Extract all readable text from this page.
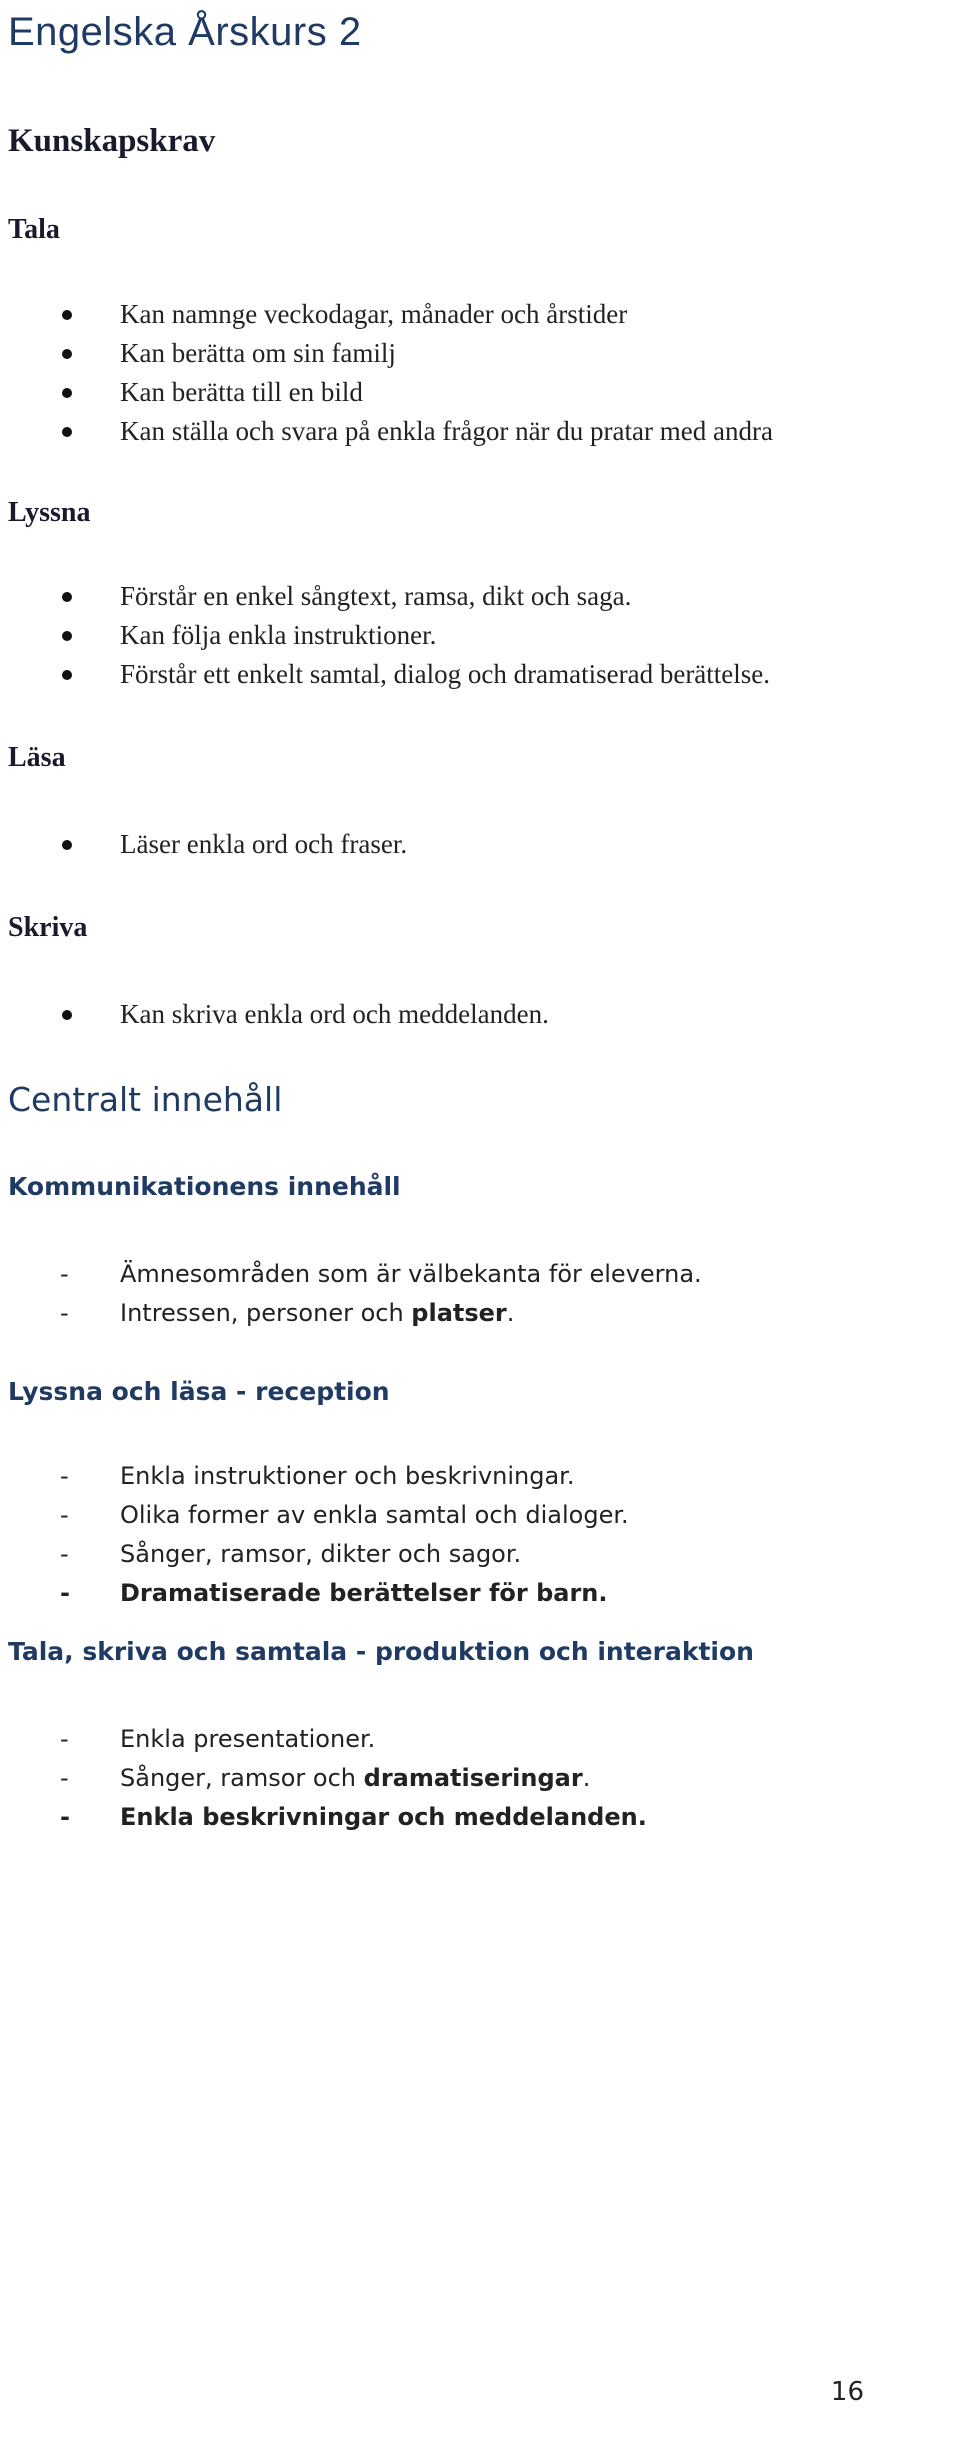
Engelska Årskurs 2
Kunskapskrav
Tala
Kan namnge veckodagar, månader och årstider
Kan berätta om sin familj
Kan berätta till en bild
Kan ställa och svara på enkla frågor när du pratar med andra
Lyssna
Förstår en enkel sångtext, ramsa, dikt och saga.
Kan följa enkla instruktioner.
Förstår ett enkelt samtal, dialog och dramatiserad berättelse.
Läsa
Läser enkla ord och fraser.
Skriva
Kan skriva enkla ord och meddelanden.
Centralt innehåll
Kommunikationens innehåll
- Ämnesområden som är välbekanta för eleverna.
- Intressen, personer och platser.
Lyssna och läsa - reception
- Enkla instruktioner och beskrivningar.
- Olika former av enkla samtal och dialoger.
- Sånger, ramsor, dikter och sagor.
- Dramatiserade berättelser för barn.
Tala, skriva och samtala - produktion och interaktion
- Enkla presentationer.
- Sånger, ramsor och dramatiseringar.
- Enkla beskrivningar och meddelanden.
16
